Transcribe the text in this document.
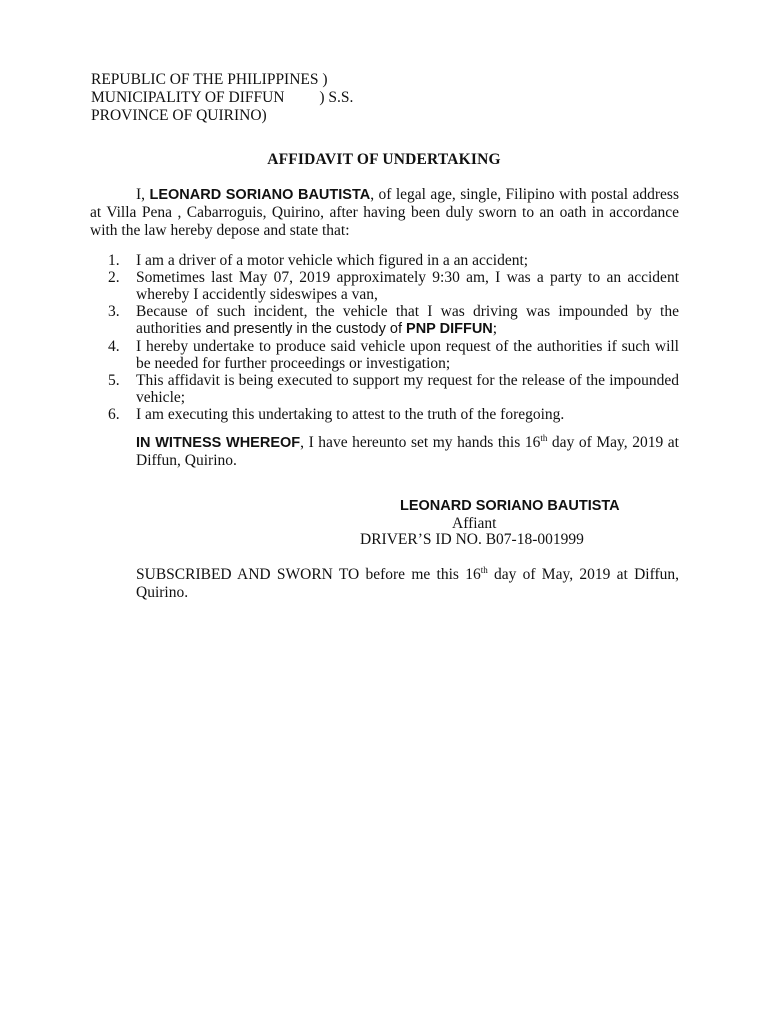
REPUBLIC OF THE PHILIPPINES )
MUNICIPALITY OF DIFFUN         ) S.S.
PROVINCE OF QUIRINO)
AFFIDAVIT OF UNDERTAKING
I, LEONARD SORIANO BAUTISTA, of legal age, single, Filipino with postal address at Villa Pena , Cabarroguis, Quirino, after having been duly sworn to an oath in accordance with the law hereby depose and state that:
1. I am a driver of a motor vehicle which figured in a an accident;
2. Sometimes last May 07, 2019 approximately 9:30 am, I was a party to an accident whereby I accidently sideswipes a van,
3. Because of such incident, the vehicle that I was driving was impounded by the authorities and presently in the custody of PNP DIFFUN;
4. I hereby undertake to produce said vehicle upon request of the authorities if such will be needed for further proceedings or investigation;
5. This affidavit is being executed to support my request for the release of the impounded vehicle;
6. I am executing this undertaking to attest to the truth of the foregoing.
IN WITNESS WHEREOF, I have hereunto set my hands this 16th day of May, 2019 at Diffun, Quirino.
LEONARD SORIANO BAUTISTA
Affiant
DRIVER’S ID NO. B07-18-001999
SUBSCRIBED AND SWORN TO before me this 16th day of May, 2019 at Diffun, Quirino.
